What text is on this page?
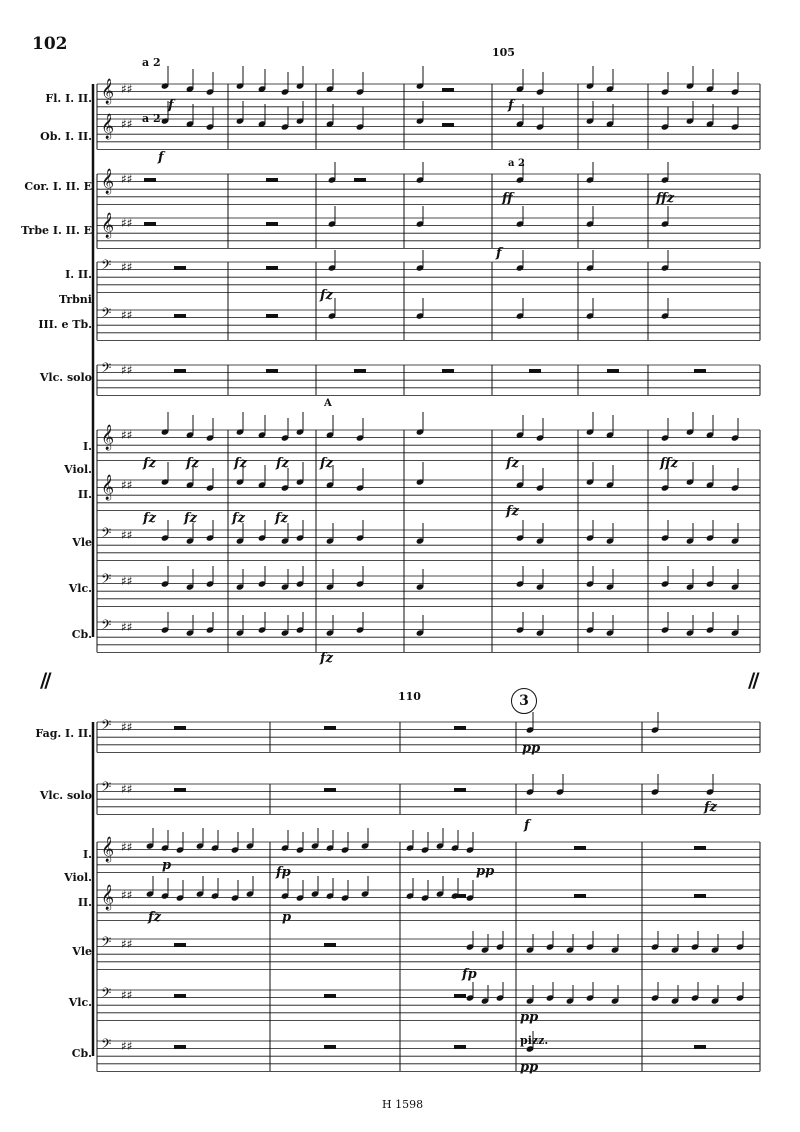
𝄞 ♯♯
𝄞 ♯♯
𝄞 ♯♯
𝄞 ♯♯
𝄢 ♯♯
𝄢 ♯♯
𝄢 ♯♯
𝄞 ♯♯
𝄞 ♯♯
𝄢 ♯♯
𝄢 ♯♯
𝄢 ♯♯
𝄢 ♯♯
𝄢 ♯♯
𝄞 ♯♯
𝄞 ♯♯
𝄢 ♯♯
𝄢 ♯♯
𝄢 ♯♯
102	105
110	3
Fl. I. II.
Ob. I. II.
Cor. I. II. E
Trbe I. II. E
I. II.
Trbni
III. e Tb.
Vlc. solo
I.
Viol.
II.
Vle
Vlc.
Cb.
Fag. I. II.
Vlc. solo
I.
Viol.
II.
Vle
Vlc.
Cb.
//	//
a 2
a 2
a 2
A
pizz.
f
f
ff	ffz
f
fz
fz fz	fz fz fz	ffz
fz
fz fz	fz fz
f
fz
fz
pp
f
fz	p
fp	pp
fz
p
fp
pp
pp
H 1598
